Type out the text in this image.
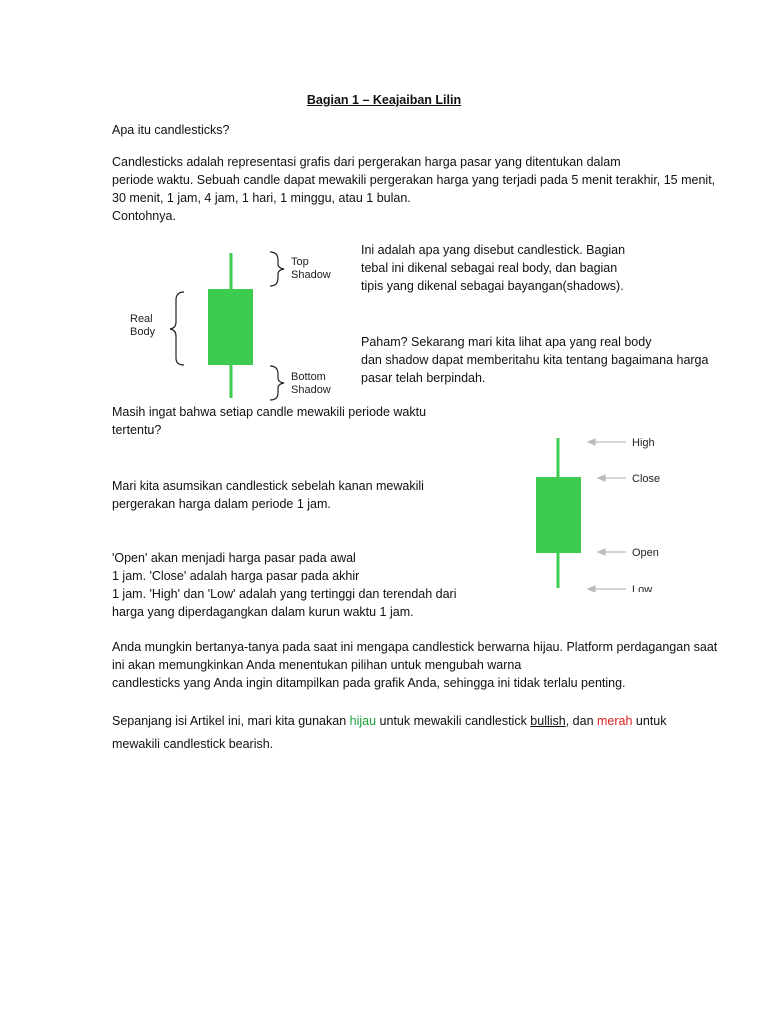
Bagian 1 – Keajaiban Lilin
Apa itu candlesticks?
Candlesticks adalah representasi grafis dari pergerakan harga pasar yang ditentukan dalam
periode waktu. Sebuah candle dapat mewakili pergerakan harga yang terjadi pada 5 menit terakhir, 15 menit,
30 menit, 1 jam, 4 jam, 1 hari, 1 minggu, atau 1 bulan.
Contohnya.
Top
Shadow
Real
Body
Bottom
Shadow
Ini adalah apa yang disebut candlestick. Bagian
tebal ini dikenal sebagai real body, dan bagian
tipis yang dikenal sebagai bayangan(shadows).
Paham? Sekarang mari kita lihat apa yang real body
dan shadow dapat memberitahu kita tentang bagaimana harga
pasar telah berpindah.
Masih ingat bahwa setiap candle mewakili periode waktu
tertentu?
Mari kita asumsikan candlestick sebelah kanan mewakili
pergerakan harga dalam periode 1 jam.
'Open' akan menjadi harga pasar pada awal
1 jam. 'Close' adalah harga pasar pada akhir
1 jam. 'High' dan 'Low' adalah yang tertinggi dan terendah dari
harga yang diperdagangkan dalam kurun waktu 1 jam.
High
Close
Open
Low
Anda mungkin bertanya-tanya pada saat ini mengapa candlestick berwarna hijau. Platform perdagangan saat
ini akan memungkinkan Anda menentukan pilihan untuk mengubah warna
candlesticks yang Anda ingin ditampilkan pada grafik Anda, sehingga ini tidak terlalu penting.
Sepanjang isi Artikel ini, mari kita gunakan hijau untuk mewakili candlestick bullish, dan merah untuk
mewakili candlestick bearish.
